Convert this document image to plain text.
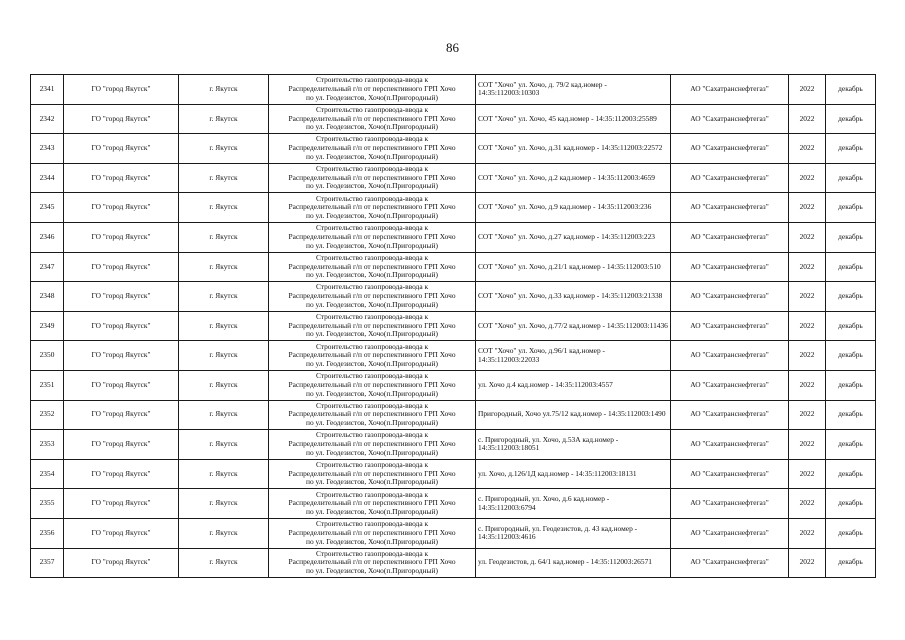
86
2341	ГО "город Якутск"	г. Якутск	Строительство газопровода-ввода к
Распределительный г/п от перспективного ГРП Хочо
по ул. Геодезистов, Хочо(п.Пригородный)	СОТ "Хочо" ул. Хочо, д. 79/2 кад.номер - 14:35:112003:10303	АО "Сахатранснефтегаз"	2022	декабрь
2342	ГО "город Якутск"	г. Якутск	Строительство газопровода-ввода к
Распределительный г/п от перспективного ГРП Хочо
по ул. Геодезистов, Хочо(п.Пригородный)	СОТ "Хочо" ул. Хочо, 45 кад.номер - 14:35:112003:25589	АО "Сахатранснефтегаз"	2022	декабрь
2343	ГО "город Якутск"	г. Якутск	Строительство газопровода-ввода к
Распределительный г/п от перспективного ГРП Хочо
по ул. Геодезистов, Хочо(п.Пригородный)	СОТ "Хочо" ул. Хочо, д.31 кад.номер - 14:35:112003:22572	АО "Сахатранснефтегаз"	2022	декабрь
2344	ГО "город Якутск"	г. Якутск	Строительство газопровода-ввода к
Распределительный г/п от перспективного ГРП Хочо
по ул. Геодезистов, Хочо(п.Пригородный)	СОТ "Хочо" ул. Хочо, д.2 кад.номер - 14:35:112003:4659	АО "Сахатранснефтегаз"	2022	декабрь
2345	ГО "город Якутск"	г. Якутск	Строительство газопровода-ввода к
Распределительный г/п от перспективного ГРП Хочо
по ул. Геодезистов, Хочо(п.Пригородный)	СОТ "Хочо" ул. Хочо, д.9 кад.номер - 14:35:112003:236	АО "Сахатранснефтегаз"	2022	декабрь
2346	ГО "город Якутск"	г. Якутск	Строительство газопровода-ввода к
Распределительный г/п от перспективного ГРП Хочо
по ул. Геодезистов, Хочо(п.Пригородный)	СОТ "Хочо" ул. Хочо, д.27 кад.номер - 14:35:112003:223	АО "Сахатранснефтегаз"	2022	декабрь
2347	ГО "город Якутск"	г. Якутск	Строительство газопровода-ввода к
Распределительный г/п от перспективного ГРП Хочо
по ул. Геодезистов, Хочо(п.Пригородный)	СОТ "Хочо" ул. Хочо, д.21/1 кад.номер - 14:35:112003:510	АО "Сахатранснефтегаз"	2022	декабрь
2348	ГО "город Якутск"	г. Якутск	Строительство газопровода-ввода к
Распределительный г/п от перспективного ГРП Хочо
по ул. Геодезистов, Хочо(п.Пригородный)	СОТ "Хочо" ул. Хочо, д.33 кад.номер - 14:35:112003:21338	АО "Сахатранснефтегаз"	2022	декабрь
2349	ГО "город Якутск"	г. Якутск	Строительство газопровода-ввода к
Распределительный г/п от перспективного ГРП Хочо
по ул. Геодезистов, Хочо(п.Пригородный)	СОТ "Хочо" ул. Хочо, д.77/2 кад.номер - 14:35:112003:11436	АО "Сахатранснефтегаз"	2022	декабрь
2350	ГО "город Якутск"	г. Якутск	Строительство газопровода-ввода к
Распределительный г/п от перспективного ГРП Хочо
по ул. Геодезистов, Хочо(п.Пригородный)	СОТ "Хочо" ул. Хочо, д.96/1 кад.номер - 14:35:112003:22033	АО "Сахатранснефтегаз"	2022	декабрь
2351	ГО "город Якутск"	г. Якутск	Строительство газопровода-ввода к
Распределительный г/п от перспективного ГРП Хочо
по ул. Геодезистов, Хочо(п.Пригородный)	ул. Хочо д.4 кад.номер - 14:35:112003:4557	АО "Сахатранснефтегаз"	2022	декабрь
2352	ГО "город Якутск"	г. Якутск	Строительство газопровода-ввода к
Распределительный г/п от перспективного ГРП Хочо
по ул. Геодезистов, Хочо(п.Пригородный)	Пригородный, Хочо ул.75/12 кад.номер - 14:35:112003:1490	АО "Сахатранснефтегаз"	2022	декабрь
2353	ГО "город Якутск"	г. Якутск	Строительство газопровода-ввода к
Распределительный г/п от перспективного ГРП Хочо
по ул. Геодезистов, Хочо(п.Пригородный)	с. Пригородный, ул. Хочо, д.53А кад.номер - 14:35:112003:18051	АО "Сахатранснефтегаз"	2022	декабрь
2354	ГО "город Якутск"	г. Якутск	Строительство газопровода-ввода к
Распределительный г/п от перспективного ГРП Хочо
по ул. Геодезистов, Хочо(п.Пригородный)	ул. Хочо, д.126/1Д кад.номер - 14:35:112003:18131	АО "Сахатранснефтегаз"	2022	декабрь
2355	ГО "город Якутск"	г. Якутск	Строительство газопровода-ввода к
Распределительный г/п от перспективного ГРП Хочо
по ул. Геодезистов, Хочо(п.Пригородный)	с. Пригородный, ул. Хочо, д.6 кад.номер - 14:35:112003:6794	АО "Сахатранснефтегаз"	2022	декабрь
2356	ГО "город Якутск"	г. Якутск	Строительство газопровода-ввода к
Распределительный г/п от перспективного ГРП Хочо
по ул. Геодезистов, Хочо(п.Пригородный)	с. Пригородный, ул. Геодезистов, д. 43 кад.номер - 14:35:112003:4616	АО "Сахатранснефтегаз"	2022	декабрь
2357	ГО "город Якутск"	г. Якутск	Строительство газопровода-ввода к
Распределительный г/п от перспективного ГРП Хочо
по ул. Геодезистов, Хочо(п.Пригородный)	ул. Геодезистов, д. 64/1 кад.номер - 14:35:112003:26571	АО "Сахатранснефтегаз"	2022	декабрь
